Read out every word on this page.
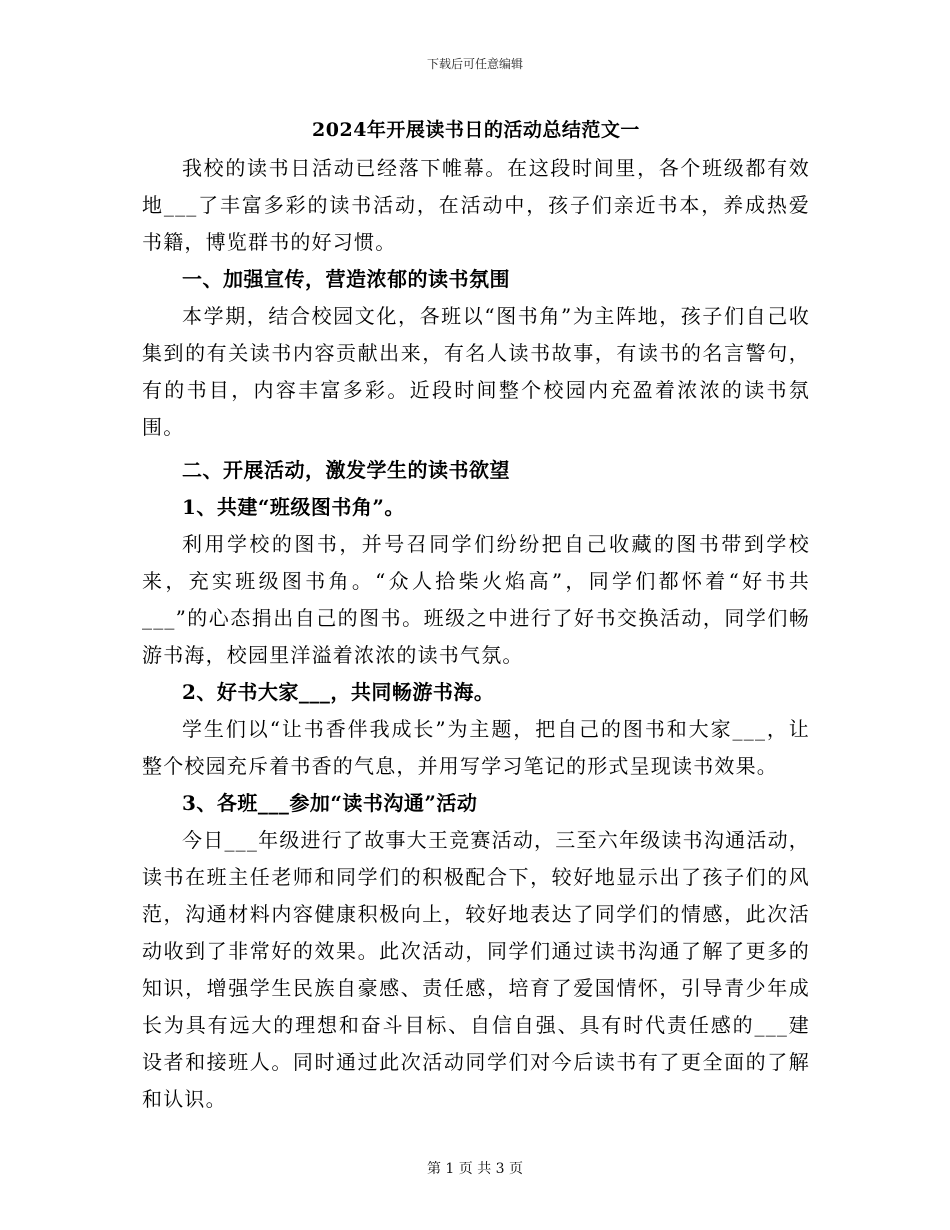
下载后可任意编辑
2024年开展读书日的活动总结范文一

我校的读书日活动已经落下帷幕。在这段时间里，各个班级都有效地___了丰富多彩的读书活动，在活动中，孩子们亲近书本，养成热爱书籍，博览群书的好习惯。

一、加强宣传，营造浓郁的读书氛围

本学期，结合校园文化，各班以“图书角”为主阵地，孩子们自己收集到的有关读书内容贡献出来，有名人读书故事，有读书的名言警句，有的书目，内容丰富多彩。近段时间整个校园内充盈着浓浓的读书氛围。

二、开展活动，激发学生的读书欲望

1、共建“班级图书角”。

利用学校的图书，并号召同学们纷纷把自己收藏的图书带到学校来，充实班级图书角。“众人拾柴火焰高”，同学们都怀着“好书共___”的心态捐出自己的图书。班级之中进行了好书交换活动，同学们畅游书海，校园里洋溢着浓浓的读书气氛。

2、好书大家___，共同畅游书海。

学生们以“让书香伴我成长”为主题，把自己的图书和大家___，让整个校园充斥着书香的气息，并用写学习笔记的形式呈现读书效果。

3、各班___参加“读书沟通”活动

今日___年级进行了故事大王竞赛活动，三至六年级读书沟通活动，读书在班主任老师和同学们的积极配合下，较好地显示出了孩子们的风范，沟通材料内容健康积极向上，较好地表达了同学们的情感，此次活动收到了非常好的效果。此次活动，同学们通过读书沟通了解了更多的知识，增强学生民族自豪感、责任感，培育了爱国情怀，引导青少年成长为具有远大的理想和奋斗目标、自信自强、具有时代责任感的___建设者和接班人。同时通过此次活动同学们对今后读书有了更全面的了解和认识。

第 1 页 共 3 页
